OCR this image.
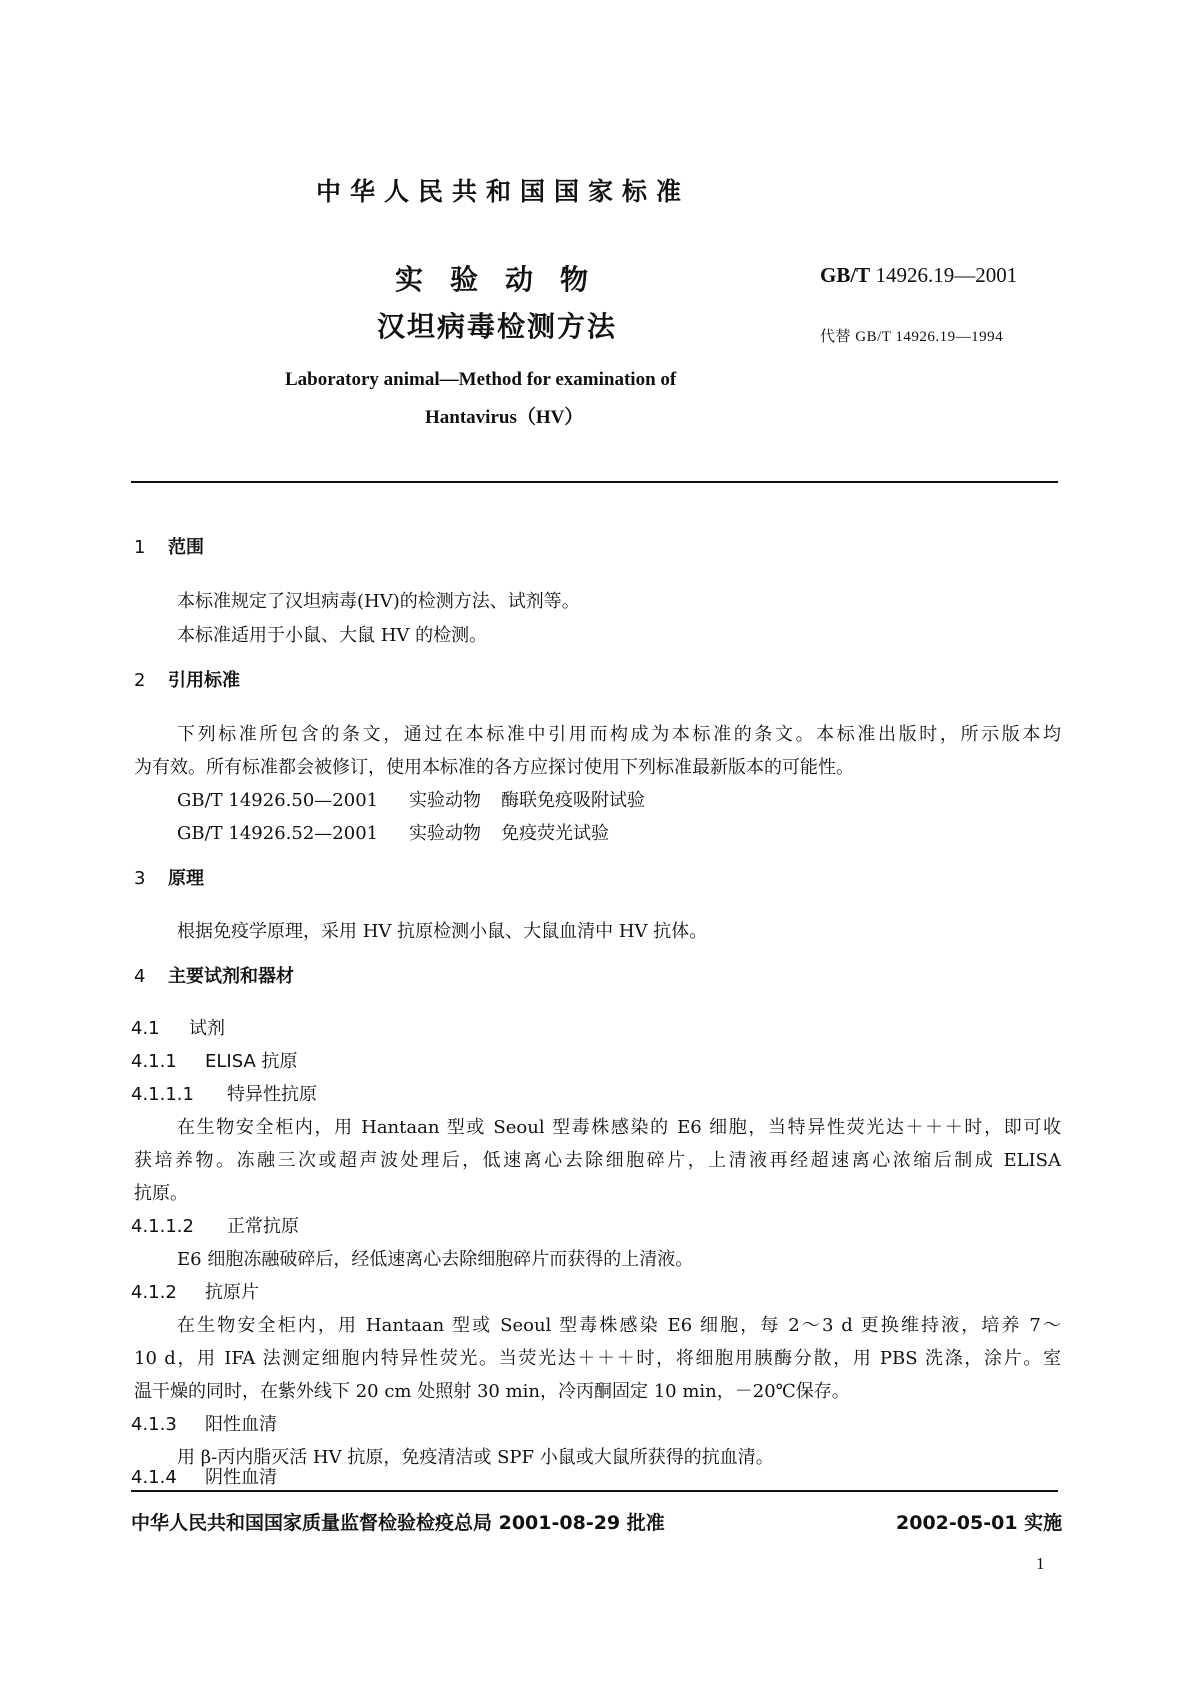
中华人民共和国国家标准
实验动物
汉坦病毒检测方法
GB/T 14926.19—2001
代替 GB/T 14926.19—1994
Laboratory animal—Method for examination of
Hantavirus（HV）
1 范围
本标准规定了汉坦病毒(HV)的检测方法、试剂等。
本标准适用于小鼠、大鼠 HV 的检测。
2 引用标准
下列标准所包含的条文，通过在本标准中引用而构成为本标准的条文。本标准出版时，所示版本均
为有效。所有标准都会被修订，使用本标准的各方应探讨使用下列标准最新版本的可能性。
GB/T 14926.50—2001 实验动物 酶联免疫吸附试验
GB/T 14926.52—2001 实验动物 免疫荧光试验
3 原理
根据免疫学原理，采用 HV 抗原检测小鼠、大鼠血清中 HV 抗体。
4 主要试剂和器材
4.1 试剂
4.1.1 ELISA 抗原
4.1.1.1 特异性抗原
在生物安全柜内，用 Hantaan 型或 Seoul 型毒株感染的 E6 细胞，当特异性荧光达＋＋＋时，即可收
获培养物。冻融三次或超声波处理后，低速离心去除细胞碎片，上清液再经超速离心浓缩后制成 ELISA
抗原。
4.1.1.2 正常抗原
E6 细胞冻融破碎后，经低速离心去除细胞碎片而获得的上清液。
4.1.2 抗原片
在生物安全柜内，用 Hantaan 型或 Seoul 型毒株感染 E6 细胞，每 2～3 d 更换维持液，培养 7～
10 d，用 IFA 法测定细胞内特异性荧光。当荧光达＋＋＋时，将细胞用胰酶分散，用 PBS 洗涤，涂片。室
温干燥的同时，在紫外线下 20 cm 处照射 30 min，冷丙酮固定 10 min，－20℃保存。
4.1.3 阳性血清
用 β-丙内脂灭活 HV 抗原，免疫清洁或 SPF 小鼠或大鼠所获得的抗血清。
4.1.4 阴性血清
中华人民共和国国家质量监督检验检疫总局 2001-08-29 批准	2002-05-01 实施
1
